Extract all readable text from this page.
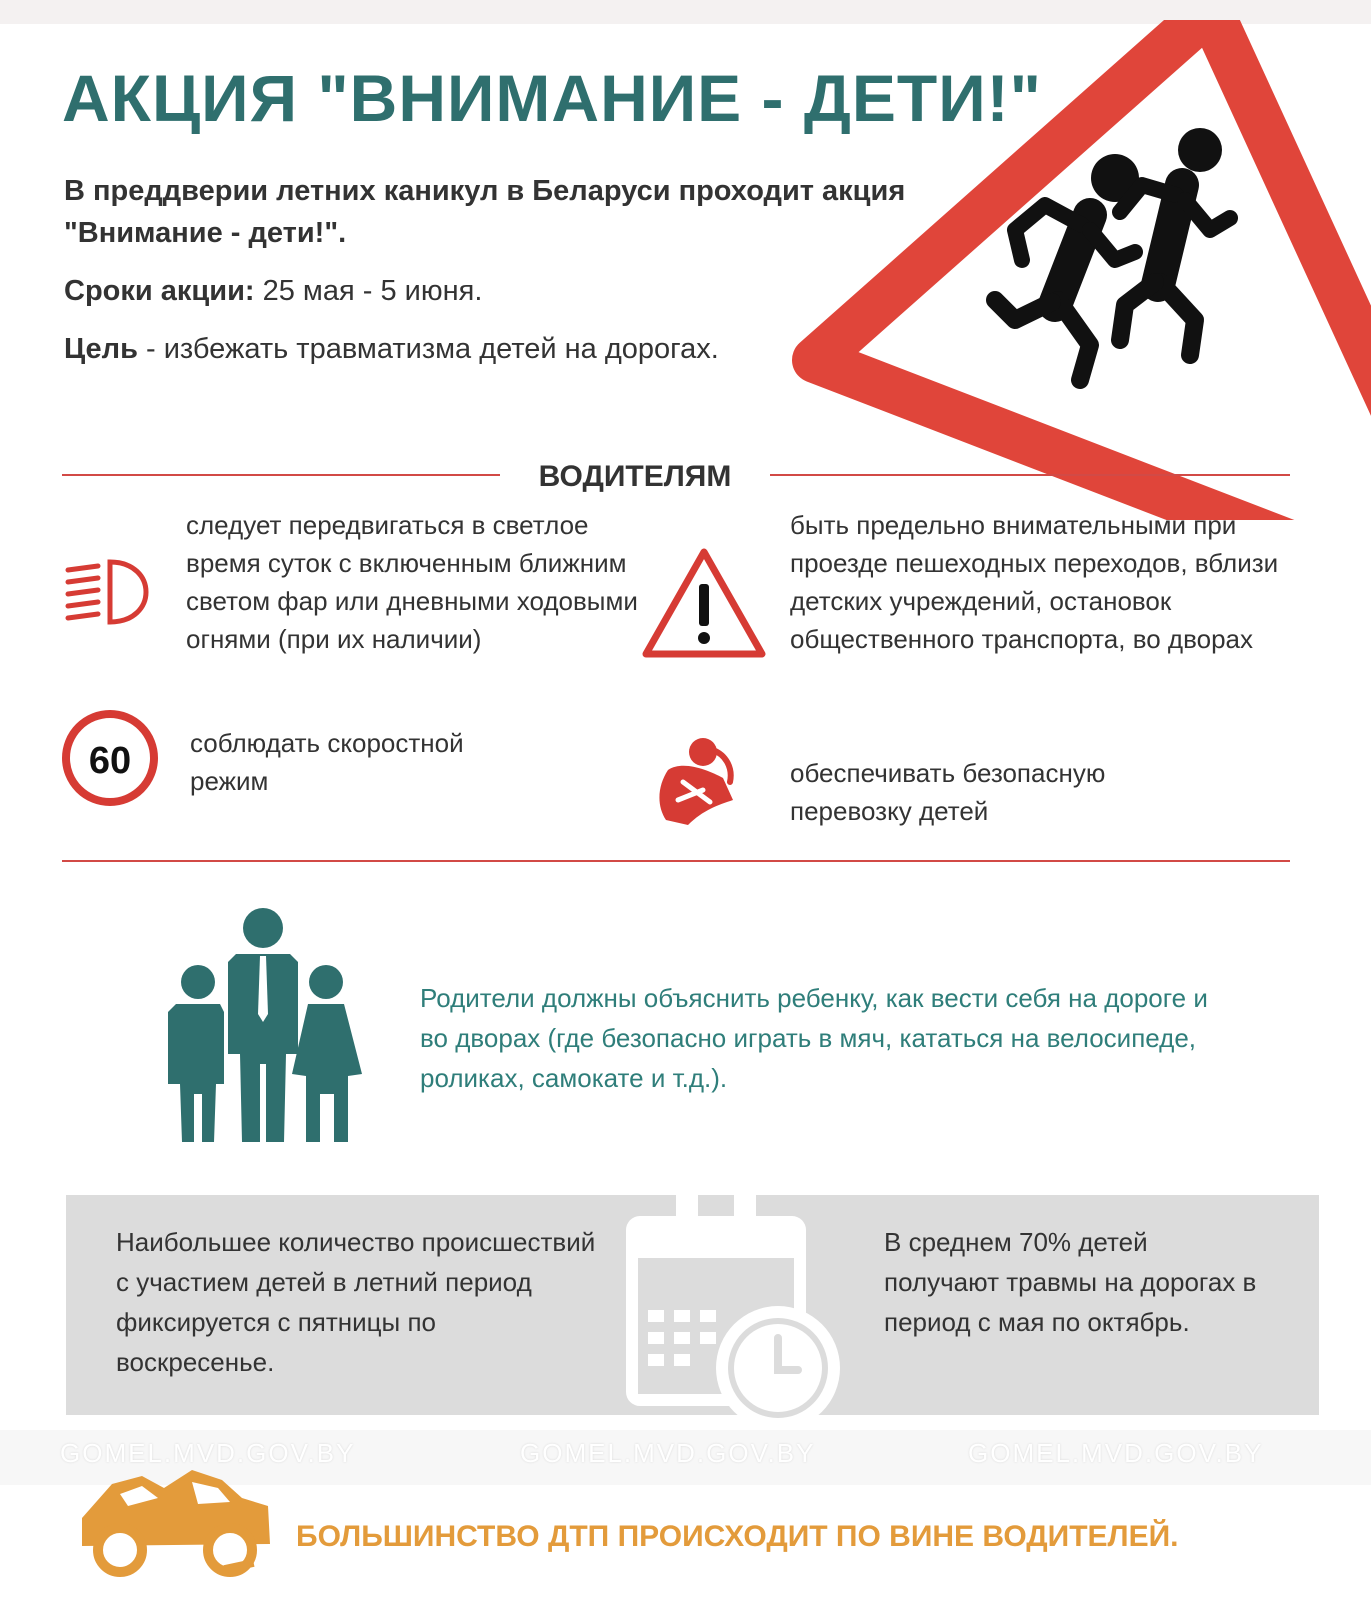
АКЦИЯ "ВНИМАНИЕ - ДЕТИ!"

В преддверии летних каникул в Беларуси проходит акция "Внимание - дети!".

Сроки акции: 25 мая - 5 июня.

Цель - избежать травматизма детей на дорогах.

ВОДИТЕЛЯМ

следует передвигаться в светлое время суток с включенным ближним светом фар или дневными ходовыми огнями (при их наличии)

быть предельно внимательными при проезде пешеходных переходов, вблизи детских учреждений, остановок общественного транспорта, во дворах

60	соблюдать скоростной режим	обеспечивать безопасную перевозку детей

Родители должны объяснить ребенку, как вести себя на дороге и во дворах (где безопасно играть в мяч, кататься на велосипеде, роликах, самокате и т.д.).

Наибольшее количество происшествий с участием детей в летний период фиксируется с пятницы по воскресенье.

В среднем 70% детей получают травмы на дорогах в период с мая по октябрь.

GOMEL.MVD.GOV.BY	GOMEL.MVD.GOV.BY	GOMEL.MVD.GOV.BY

БОЛЬШИНСТВО ДТП ПРОИСХОДИТ ПО ВИНЕ ВОДИТЕЛЕЙ.
